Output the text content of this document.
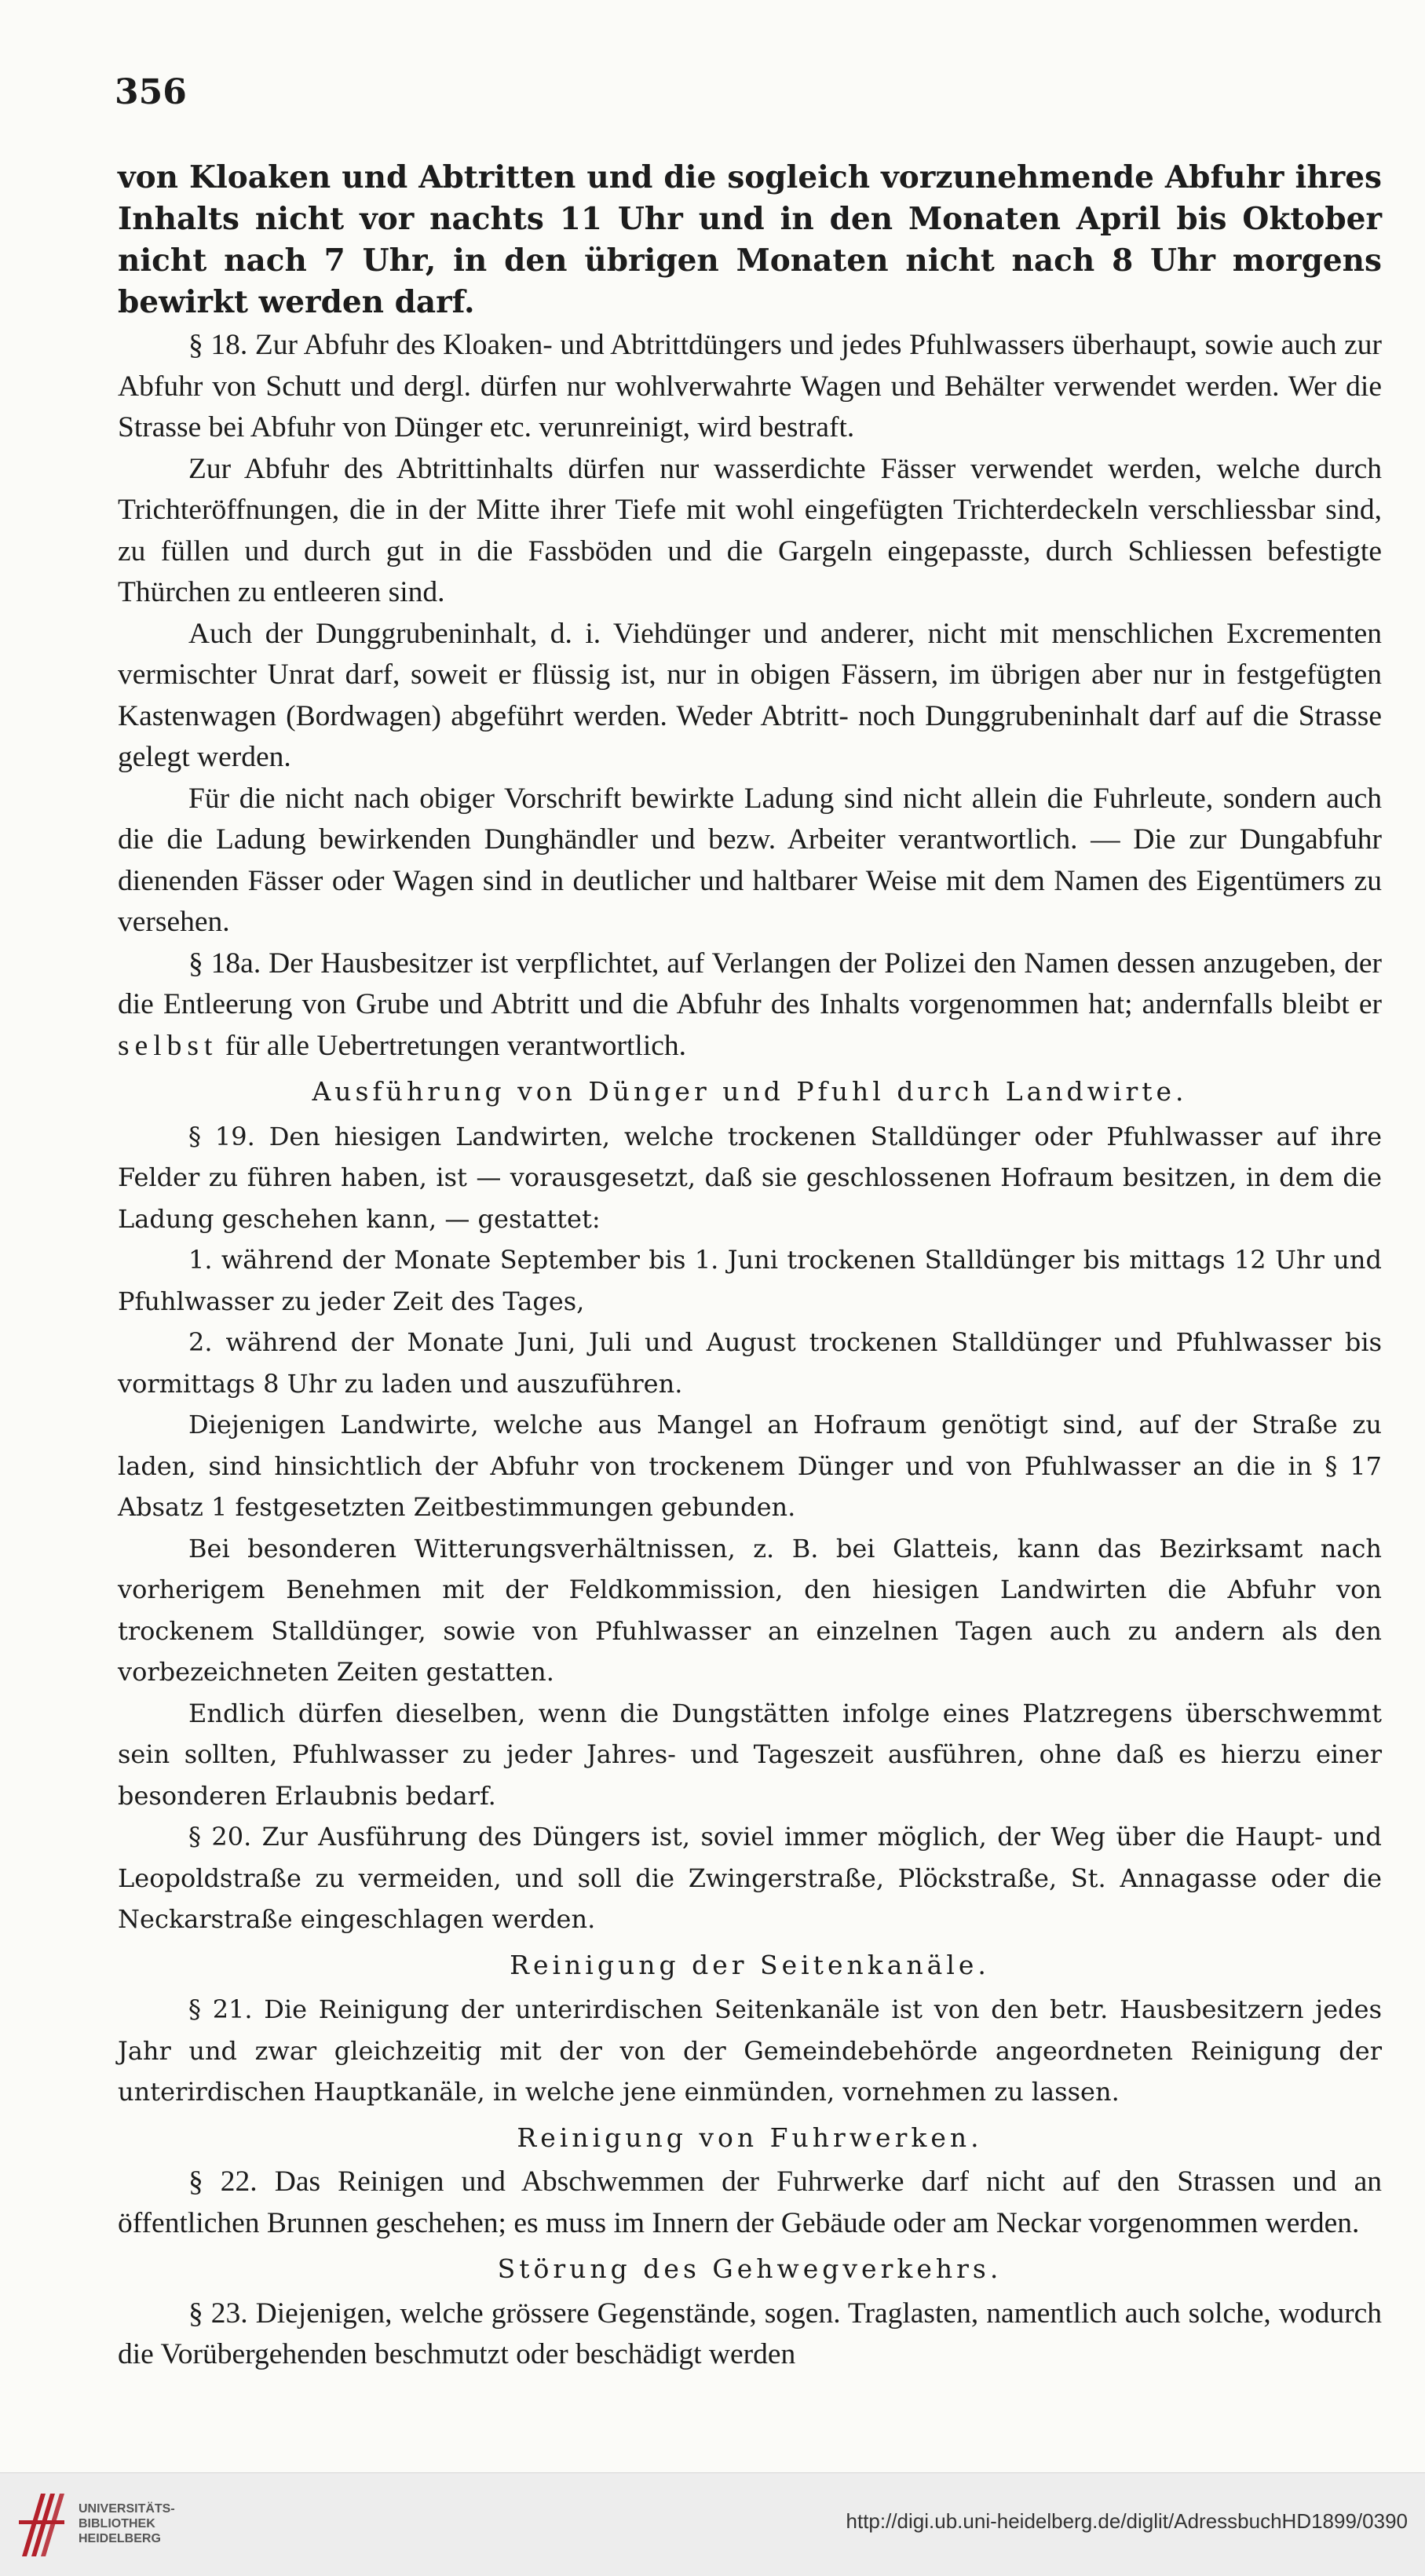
356

von Kloaken und Abtritten und die sogleich vorzunehmende Abfuhr ihres Inhalts nicht vor nachts 11 Uhr und in den Monaten April bis Oktober nicht nach 7 Uhr, in den übrigen Monaten nicht nach 8 Uhr morgens bewirkt werden darf.

§ 18. Zur Abfuhr des Kloaken- und Abtrittdüngers und jedes Pfuhlwassers überhaupt, sowie auch zur Abfuhr von Schutt und dergl. dürfen nur wohlverwahrte Wagen und Behälter verwendet werden. Wer die Strasse bei Abfuhr von Dünger etc. verunreinigt, wird bestraft.

Zur Abfuhr des Abtrittinhalts dürfen nur wasserdichte Fässer verwendet werden, welche durch Trichteröffnungen, die in der Mitte ihrer Tiefe mit wohl eingefügten Trichterdeckeln verschliessbar sind, zu füllen und durch gut in die Fassböden und die Gargeln eingepasste, durch Schliessen befestigte Thürchen zu entleeren sind.

Auch der Dunggrubeninhalt, d. i. Viehdünger und anderer, nicht mit menschlichen Excrementen vermischter Unrat darf, soweit er flüssig ist, nur in obigen Fässern, im übrigen aber nur in festgefügten Kastenwagen (Bordwagen) abgeführt werden. Weder Abtritt- noch Dunggrubeninhalt darf auf die Strasse gelegt werden.

Für die nicht nach obiger Vorschrift bewirkte Ladung sind nicht allein die Fuhrleute, sondern auch die die Ladung bewirkenden Dunghändler und bezw. Arbeiter verantwortlich. — Die zur Dungabfuhr dienenden Fässer oder Wagen sind in deutlicher und haltbarer Weise mit dem Namen des Eigentümers zu versehen.

§ 18a. Der Hausbesitzer ist verpflichtet, auf Verlangen der Polizei den Namen dessen anzugeben, der die Entleerung von Grube und Abtritt und die Abfuhr des Inhalts vorgenommen hat; andernfalls bleibt er selbst für alle Uebertretungen verantwortlich.

Ausführung von Dünger und Pfuhl durch Landwirte.

§ 19. Den hiesigen Landwirten, welche trockenen Stalldünger oder Pfuhlwasser auf ihre Felder zu führen haben, ist — vorausgesetzt, daß sie geschlossenen Hofraum besitzen, in dem die Ladung geschehen kann, — gestattet:

1. während der Monate September bis 1. Juni trockenen Stalldünger bis mittags 12 Uhr und Pfuhlwasser zu jeder Zeit des Tages,

2. während der Monate Juni, Juli und August trockenen Stalldünger und Pfuhlwasser bis vormittags 8 Uhr zu laden und auszuführen.

Diejenigen Landwirte, welche aus Mangel an Hofraum genötigt sind, auf der Straße zu laden, sind hinsichtlich der Abfuhr von trockenem Dünger und von Pfuhlwasser an die in § 17 Absatz 1 festgesetzten Zeitbestimmungen gebunden.

Bei besonderen Witterungsverhältnissen, z. B. bei Glatteis, kann das Bezirksamt nach vorherigem Benehmen mit der Feldkommission, den hiesigen Landwirten die Abfuhr von trockenem Stalldünger, sowie von Pfuhlwasser an einzelnen Tagen auch zu andern als den vorbezeichneten Zeiten gestatten.

Endlich dürfen dieselben, wenn die Dungstätten infolge eines Platzregens überschwemmt sein sollten, Pfuhlwasser zu jeder Jahres- und Tageszeit ausführen, ohne daß es hierzu einer besonderen Erlaubnis bedarf.

§ 20. Zur Ausführung des Düngers ist, soviel immer möglich, der Weg über die Haupt- und Leopoldstraße zu vermeiden, und soll die Zwingerstraße, Plöckstraße, St. Annagasse oder die Neckarstraße eingeschlagen werden.

Reinigung der Seitenkanäle.

§ 21. Die Reinigung der unterirdischen Seitenkanäle ist von den betr. Hausbesitzern jedes Jahr und zwar gleichzeitig mit der von der Gemeindebehörde angeordneten Reinigung der unterirdischen Hauptkanäle, in welche jene einmünden, vornehmen zu lassen.

Reinigung von Fuhrwerken.

§ 22. Das Reinigen und Abschwemmen der Fuhrwerke darf nicht auf den Strassen und an öffentlichen Brunnen geschehen; es muss im Innern der Gebäude oder am Neckar vorgenommen werden.

Störung des Gehwegverkehrs.

§ 23. Diejenigen, welche grössere Gegenstände, sogen. Traglasten, namentlich auch solche, wodurch die Vorübergehenden beschmutzt oder beschädigt werden

UNIVERSITÄTS-
BIBLIOTHEK
HEIDELBERG
http://digi.ub.uni-heidelberg.de/diglit/AdressbuchHD1899/0390
